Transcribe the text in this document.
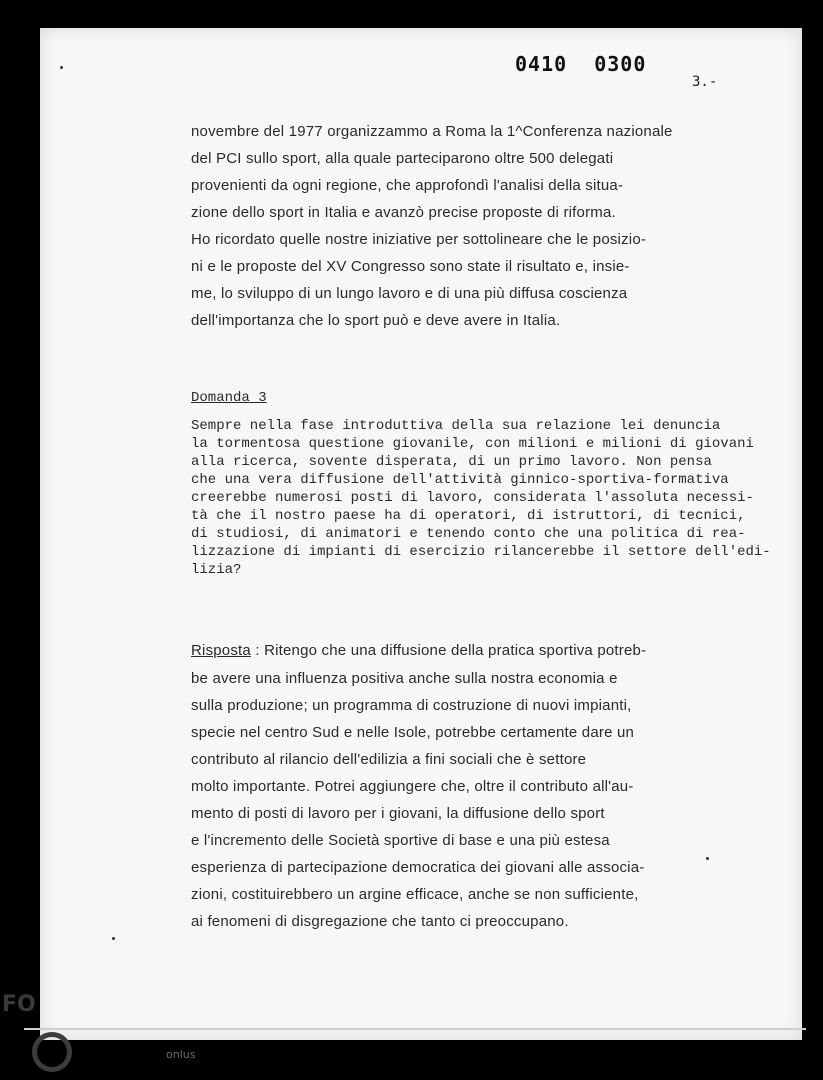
0410 0300
3.-
novembre del 1977 organizzammo a Roma la 1^Conferenza nazionale
del PCI sullo sport, alla quale parteciparono oltre 500 delegati
provenienti da ogni regione, che approfondì l'analisi della situa-
zione dello sport in Italia e avanzò precise proposte di riforma.
Ho ricordato quelle nostre iniziative per sottolineare che le posizio-
ni e le proposte del XV Congresso sono state il risultato e, insie-
me, lo sviluppo di un lungo lavoro e di una più diffusa coscienza
dell'importanza che lo sport può e deve avere in Italia.
Domanda 3
Sempre nella fase introduttiva della sua relazione lei denuncia
la tormentosa questione giovanile, con milioni e milioni di giovani
alla ricerca, sovente disperata, di un primo lavoro. Non pensa
che una vera diffusione dell'attività ginnico-sportiva-formativa
creerebbe numerosi posti di lavoro, considerata l'assoluta necessi-
tà che il nostro paese ha di operatori, di istruttori, di tecnici,
di studiosi, di animatori e tenendo conto che una politica di rea-
lizzazione di impianti di esercizio rilancerebbe il settore dell'edi-
lizia?
Risposta : Ritengo che una diffusione della pratica sportiva potreb-
be avere una influenza positiva anche sulla nostra economia e
sulla produzione; un programma di costruzione di nuovi impianti,
specie nel centro Sud e nelle Isole, potrebbe certamente dare un
contributo al rilancio dell'edilizia a fini sociali che è settore
molto importante. Potrei aggiungere che, oltre il contributo all'au-
mento di posti di lavoro per i giovani, la diffusione dello sport
e l'incremento delle Società sportive di base e una più estesa
esperienza di partecipazione democratica dei giovani alle associa-
zioni, costituirebbero un argine efficace, anche se non sufficiente,
ai fenomeni di disgregazione che tanto ci preoccupano.
FO
onlus
